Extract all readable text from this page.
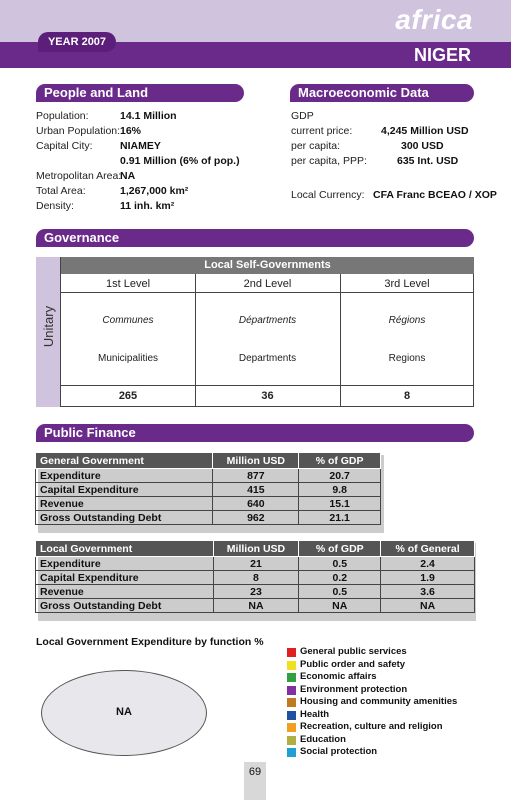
YEAR 2007
africa
NIGER
People and Land
Population:	14.1 Million
Urban Population: 16%
Capital City:	NIAMEY
0.91 Million (6% of pop.)
Metropolitan Area:
NA
Total Area:	1,267,000 km²
Density:	11 inh. km²
Macroeconomic Data
GDP
current price:	4,245 Million USD
per capita:	300 USD
per capita, PPP:	635 Int. USD
Local Currency: CFA Franc BCEAO / XOP
Governance
Unitary
Local Self-Governments
1st Level	2nd Level	3rd Level
Communes	Départments	Régions
Municipalities	Departments	Regions
265	36	8
Public Finance
General Government	Million USD	% of GDP
Expenditure	877	20.7
Capital Expenditure	415	9.8
Revenue	640	15.1
Gross Outstanding Debt	962	21.1
Local Government	Million USD	% of GDP	% of General
Expenditure	21	0.5	2.4
Capital Expenditure	8	0.2	1.9
Revenue	23	0.5	3.6
Gross Outstanding Debt	NA	NA	NA
Local Government Expenditure by function %
NA
General public services
Public order and safety
Economic affairs
Environment protection
Housing and community amenities
Health
Recreation, culture and religion
Education
Social protection
69
